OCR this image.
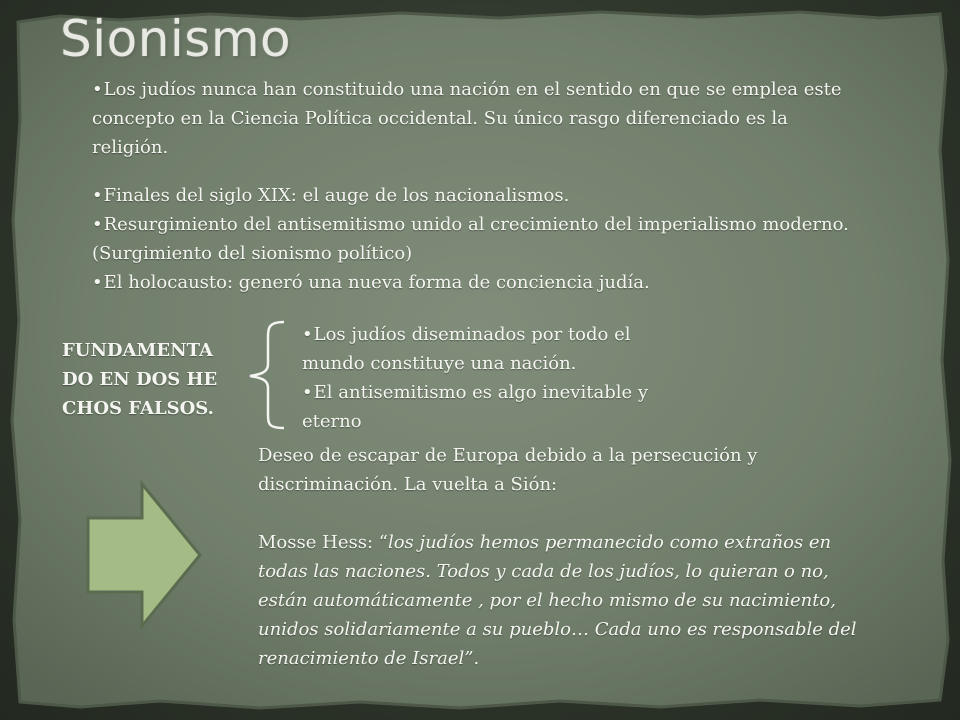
Sionismo

• Los judíos nunca han constituido una nación en el sentido en que se emplea este concepto en la Ciencia Política occidental. Su único rasgo diferenciado es la religión.

• Finales del siglo XIX: el auge de los nacionalismos.

• Resurgimiento del antisemitismo unido al crecimiento del imperialismo moderno. (Surgimiento del sionismo político)

• El holocausto: generó una nueva forma de conciencia judía.

FUNDAMENTADO EN DOS HECHOS FALSOS.

• Los judíos diseminados por todo el mundo constituye una nación.

• El antisemitismo es algo inevitable y eterno

Deseo de escapar de Europa debido a la persecución y discriminación. La vuelta a Sión:
Mosse Hess: “los judíos hemos permanecido como extraños en todas las naciones. Todos y cada de los judíos, lo quieran o no, están automáticamente , por el hecho mismo de su nacimiento, unidos solidariamente a su pueblo… Cada uno es responsable del renacimiento de Israel”.
